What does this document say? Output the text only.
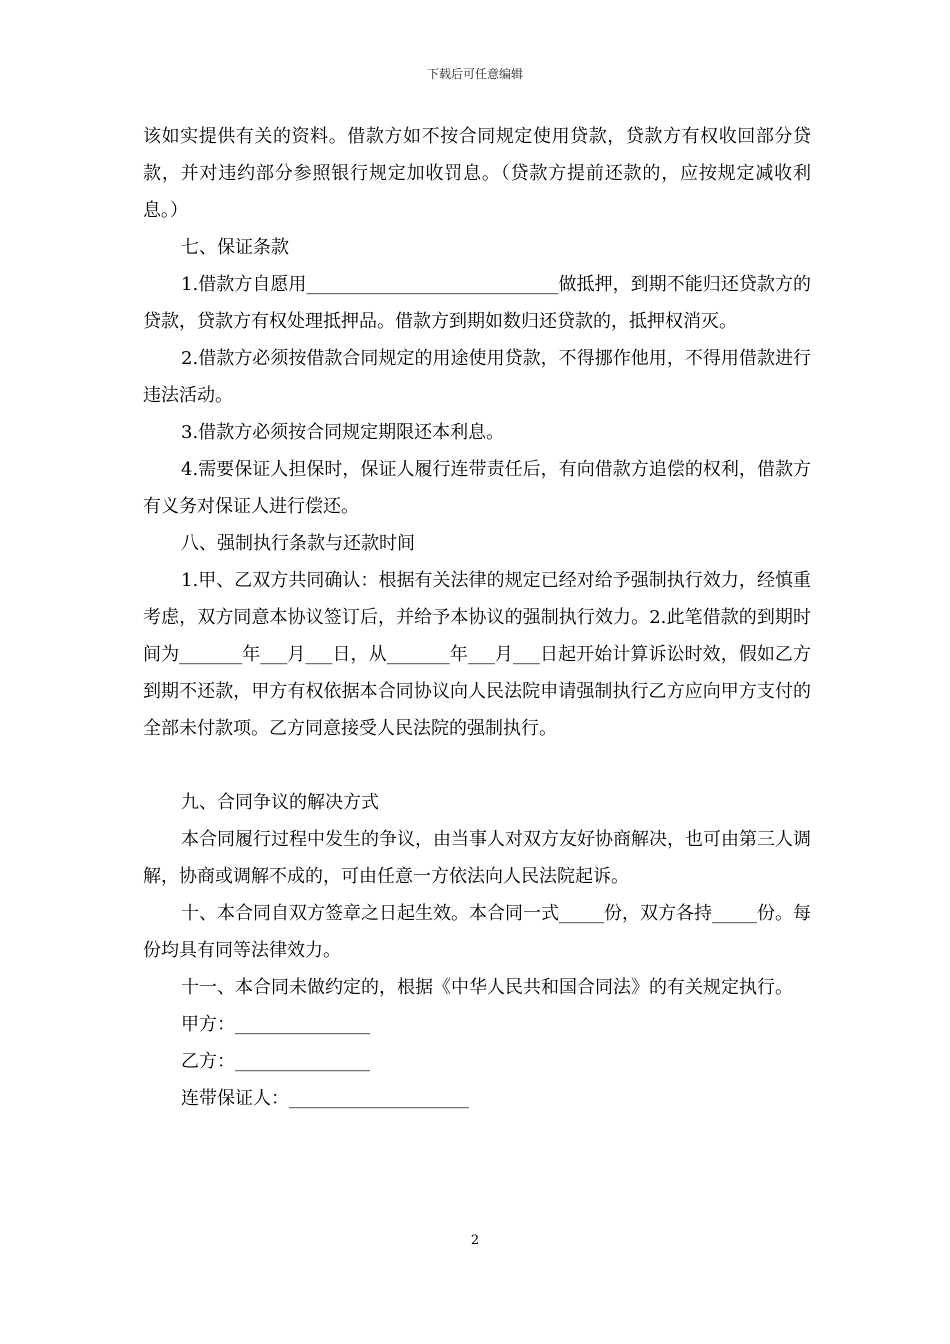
下载后可任意编辑

该如实提供有关的资料。借款方如不按合同规定使用贷款，贷款方有权收回部分贷款，并对违约部分参照银行规定加收罚息。（贷款方提前还款的，应按规定减收利息。）

七、保证条款

1.借款方自愿用____________________________做抵押，到期不能归还贷款方的贷款，贷款方有权处理抵押品。借款方到期如数归还贷款的，抵押权消灭。

2.借款方必须按借款合同规定的用途使用贷款，不得挪作他用，不得用借款进行违法活动。

3.借款方必须按合同规定期限还本利息。

4.需要保证人担保时，保证人履行连带责任后，有向借款方追偿的权利，借款方有义务对保证人进行偿还。

八、强制执行条款与还款时间

1.甲、乙双方共同确认：根据有关法律的规定已经对给予强制执行效力，经慎重考虑，双方同意本协议签订后，并给予本协议的强制执行效力。2.此笔借款的到期时间为_______年___月___日，从_______年___月___日起开始计算诉讼时效，假如乙方到期不还款，甲方有权依据本合同协议向人民法院申请强制执行乙方应向甲方支付的全部未付款项。乙方同意接受人民法院的强制执行。

九、合同争议的解决方式

本合同履行过程中发生的争议，由当事人对双方友好协商解决，也可由第三人调解，协商或调解不成的，可由任意一方依法向人民法院起诉。

十、本合同自双方签章之日起生效。本合同一式_____份，双方各持_____份。每份均具有同等法律效力。

十一、本合同未做约定的，根据《中华人民共和国合同法》的有关规定执行。

甲方：_______________

乙方：_______________

连带保证人：____________________

2
